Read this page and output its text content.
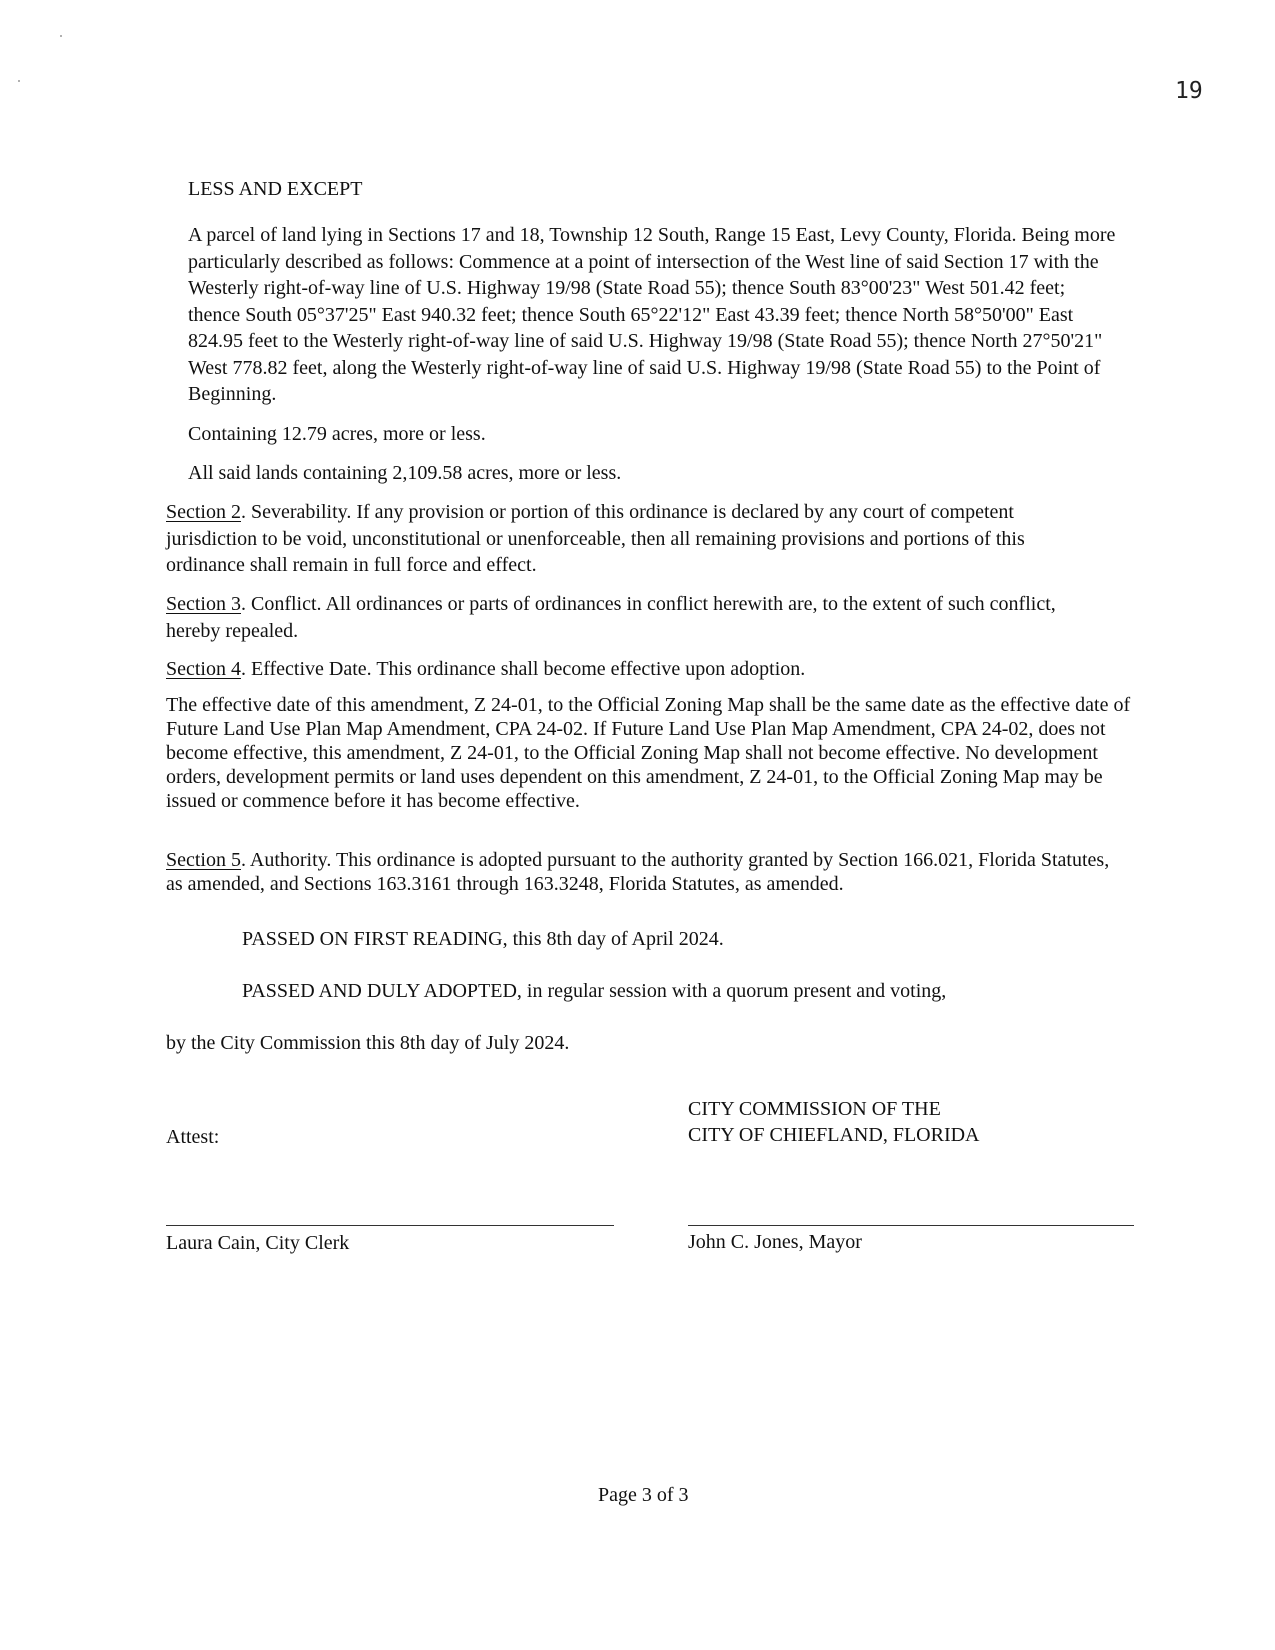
19
LESS AND EXCEPT

A parcel of land lying in Sections 17 and 18, Township 12 South, Range 15 East, Levy County, Florida. Being more particularly described as follows: Commence at a point of intersection of the West line of said Section 17 with the Westerly right-of-way line of U.S. Highway 19/98 (State Road 55); thence South 83°00'23" West 501.42 feet; thence South 05°37'25" East 940.32 feet; thence South 65°22'12" East 43.39 feet; thence North 58°50'00" East 824.95 feet to the Westerly right-of-way line of said U.S. Highway 19/98 (State Road 55); thence North 27°50'21" West 778.82 feet, along the Westerly right-of-way line of said U.S. Highway 19/98 (State Road 55) to the Point of Beginning.

Containing 12.79 acres, more or less.
All said lands containing 2,109.58 acres, more or less.

Section 2. Severability. If any provision or portion of this ordinance is declared by any court of competent jurisdiction to be void, unconstitutional or unenforceable, then all remaining provisions and portions of this ordinance shall remain in full force and effect.

Section 3. Conflict. All ordinances or parts of ordinances in conflict herewith are, to the extent of such conflict, hereby repealed.

Section 4. Effective Date. This ordinance shall become effective upon adoption.

The effective date of this amendment, Z 24-01, to the Official Zoning Map shall be the same date as the effective date of Future Land Use Plan Map Amendment, CPA 24-02. If Future Land Use Plan Map Amendment, CPA 24-02, does not become effective, this amendment, Z 24-01, to the Official Zoning Map shall not become effective. No development orders, development permits or land uses dependent on this amendment, Z 24-01, to the Official Zoning Map may be issued or commence before it has become effective.

Section 5. Authority. This ordinance is adopted pursuant to the authority granted by Section 166.021, Florida Statutes, as amended, and Sections 163.3161 through 163.3248, Florida Statutes, as amended.

PASSED ON FIRST READING, this 8th day of April 2024.
PASSED AND DULY ADOPTED, in regular session with a quorum present and voting,
by the City Commission this 8th day of July 2024.
CITY COMMISSION OF THE
CITY OF CHIEFLAND, FLORIDA
Attest:
Laura Cain, City Clerk	John C. Jones, Mayor
Page 3 of 3
